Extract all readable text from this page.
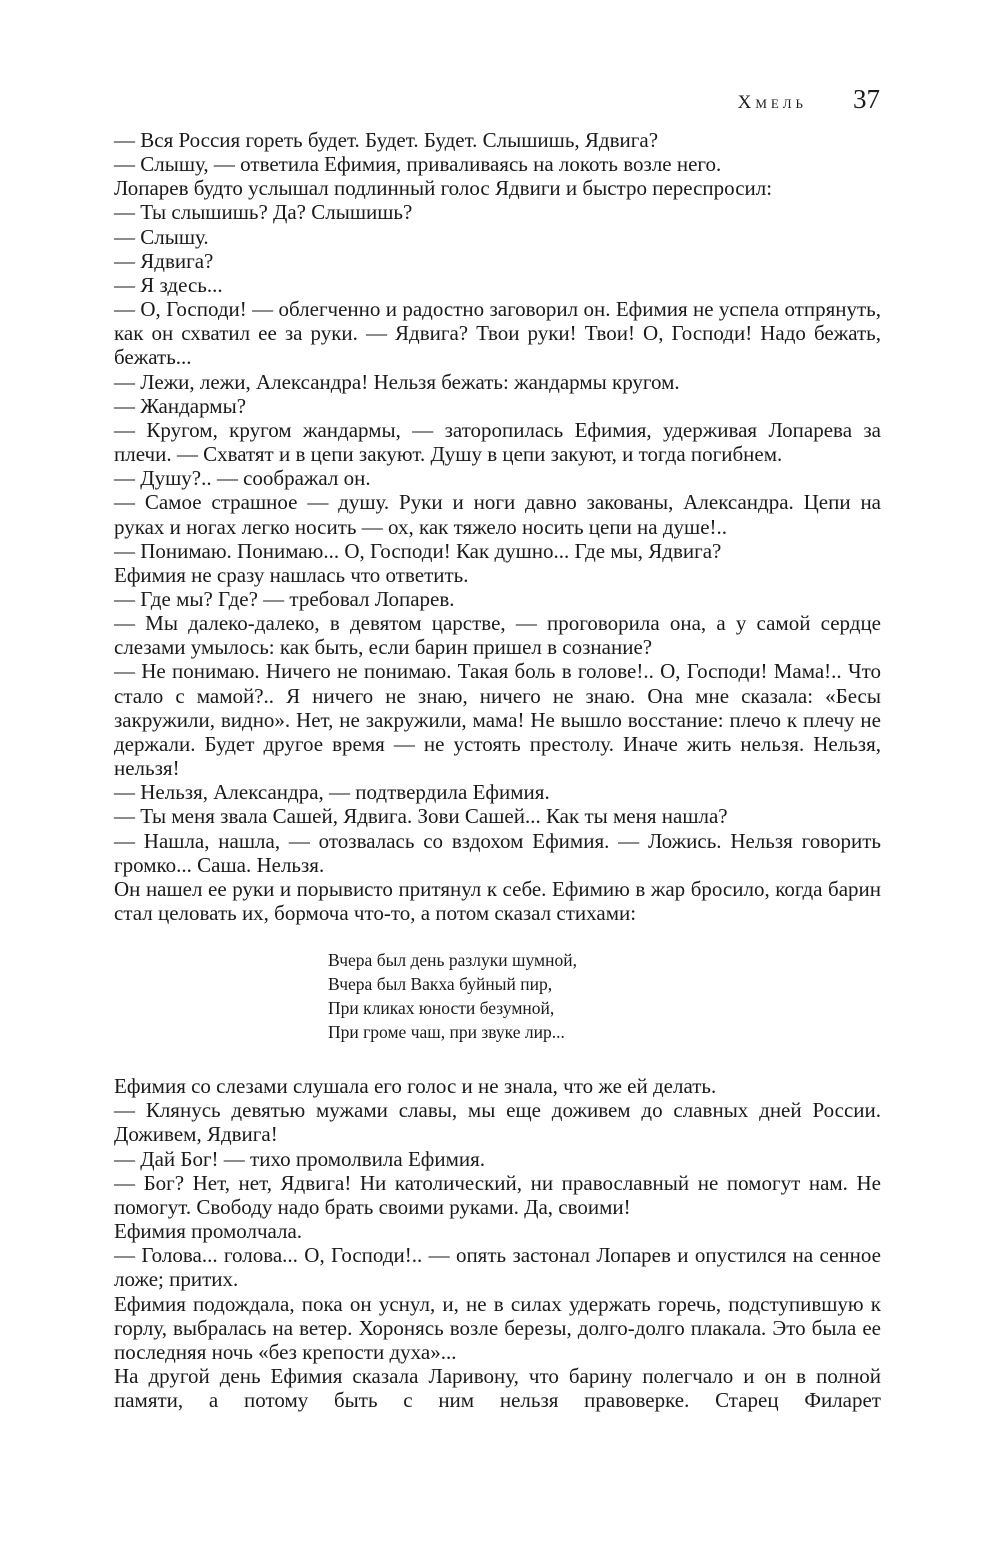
Хмель 37

— Вся Россия гореть будет. Будет. Будет. Слышишь, Ядвига?

— Слышу, — ответила Ефимия, приваливаясь на локоть возле него.

Лопарев будто услышал подлинный голос Ядвиги и быстро переспросил:

— Ты слышишь? Да? Слышишь?

— Слышу.

— Ядвига?

— Я здесь...

— О, Господи! — облегченно и радостно заговорил он. Ефимия не успела отпрянуть, как он схватил ее за руки. — Ядвига? Твои руки! Твои! О, Господи! Надо бежать, бежать...

— Лежи, лежи, Александра! Нельзя бежать: жандармы кругом.

— Жандармы?

— Кругом, кругом жандармы, — заторопилась Ефимия, удерживая Лопарева за плечи. — Схватят и в цепи закуют. Душу в цепи закуют, и тогда погибнем.

— Душу?.. — соображал он.

— Самое страшное — душу. Руки и ноги давно закованы, Александра. Цепи на руках и ногах легко носить — ох, как тяжело носить цепи на душе!..

— Понимаю. Понимаю... О, Господи! Как душно... Где мы, Ядвига?

Ефимия не сразу нашлась что ответить.

— Где мы? Где? — требовал Лопарев.

— Мы далеко-далеко, в девятом царстве, — проговорила она, а у самой сердце слезами умылось: как быть, если барин пришел в сознание?

— Не понимаю. Ничего не понимаю. Такая боль в голове!.. О, Господи! Мама!.. Что стало с мамой?.. Я ничего не знаю, ничего не знаю. Она мне сказала: «Бесы закружили, видно». Нет, не закружили, мама! Не вышло восстание: плечо к плечу не держали. Будет другое время — не устоять престолу. Иначе жить нельзя. Нельзя, нельзя!

— Нельзя, Александра, — подтвердила Ефимия.

— Ты меня звала Сашей, Ядвига. Зови Сашей... Как ты меня нашла?

— Нашла, нашла, — отозвалась со вздохом Ефимия. — Ложись. Нельзя говорить громко... Саша. Нельзя.

Он нашел ее руки и порывисто притянул к себе. Ефимию в жар бросило, когда барин стал целовать их, бормоча что-то, а потом сказал стихами:

Вчера был день разлуки шумной,
Вчера был Вакха буйный пир,
При кликах юности безумной,
При громе чаш, при звуке лир...

Ефимия со слезами слушала его голос и не знала, что же ей делать.

— Клянусь девятью мужами славы, мы еще доживем до славных дней России. Доживем, Ядвига!

— Дай Бог! — тихо промолвила Ефимия.

— Бог? Нет, нет, Ядвига! Ни католический, ни православный не помогут нам. Не помогут. Свободу надо брать своими руками. Да, своими!

Ефимия промолчала.

— Голова... голова... О, Господи!.. — опять застонал Лопарев и опустился на сенное ложе; притих.

Ефимия подождала, пока он уснул, и, не в силах удержать горечь, подступившую к горлу, выбралась на ветер. Хоронясь возле березы, долго-долго плакала. Это была ее последняя ночь «без крепости духа»...

На другой день Ефимия сказала Ларивону, что барину полегчало и он в полной памяти, а потому быть с ним нельзя правоверке. Старец Филарет
